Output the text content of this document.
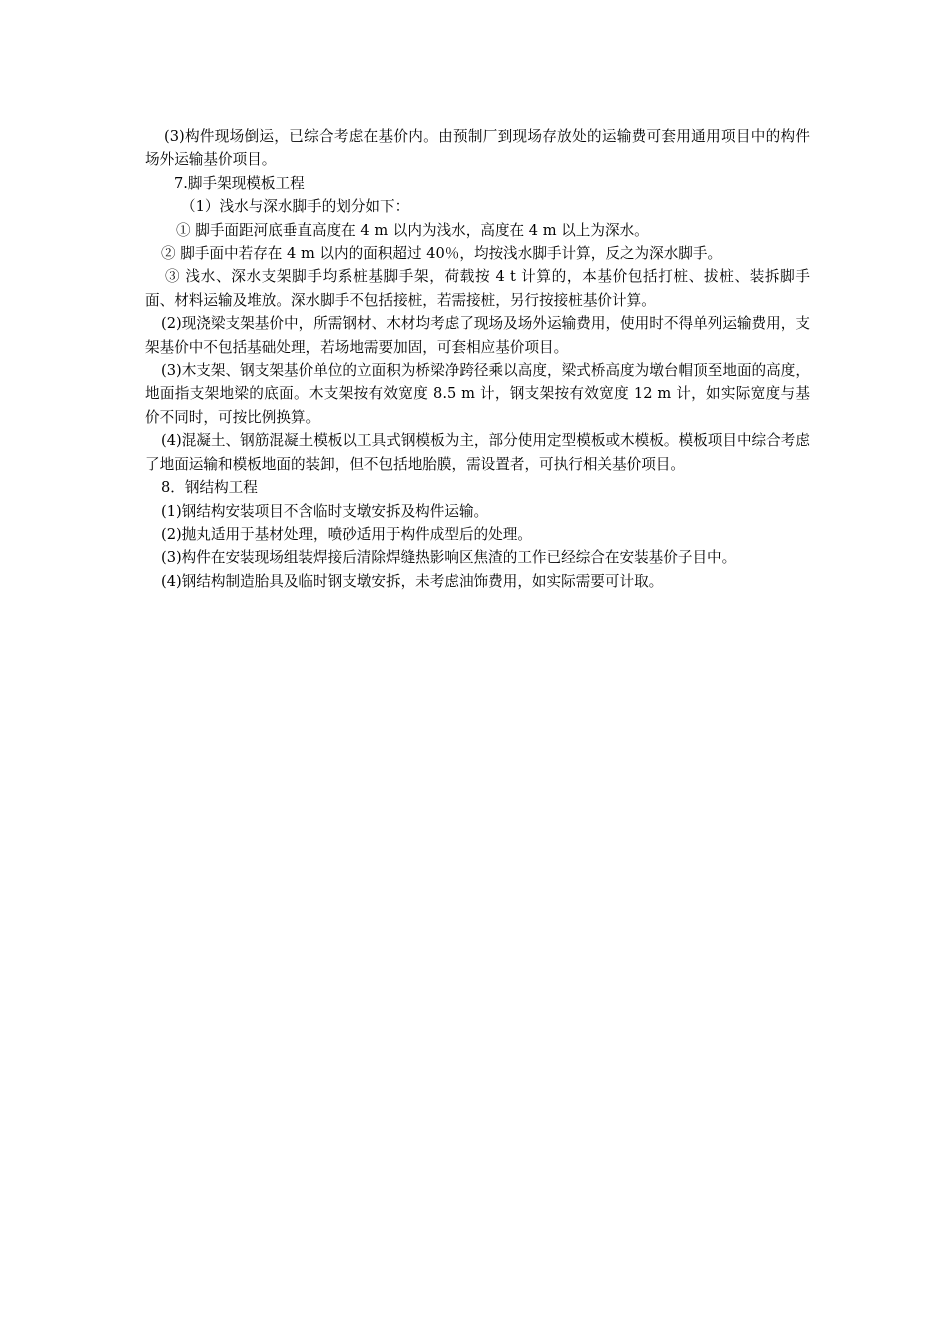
(3)构件现场倒运，已综合考虑在基价内。由预制厂到现场存放处的运输费可套用通用项目中的构件场外运输基价项目。

7.脚手架现模板工程

（1）浅水与深水脚手的划分如下：

① 脚手面距河底垂直高度在 4 m 以内为浅水，高度在 4 m 以上为深水。

② 脚手面中若存在 4 m 以内的面积超过 40％，均按浅水脚手计算，反之为深水脚手。

③ 浅水、深水支架脚手均系桩基脚手架，荷载按 4 t 计算的，本基价包括打桩、拔桩、装拆脚手面、材料运输及堆放。深水脚手不包括接桩，若需接桩，另行按接桩基价计算。

(2)现浇梁支架基价中，所需钢材、木材均考虑了现场及场外运输费用，使用时不得单列运输费用，支架基价中不包括基础处理，若场地需要加固，可套相应基价项目。

(3)木支架、钢支架基价单位的立面积为桥梁净跨径乘以高度，梁式桥高度为墩台帽顶至地面的高度，地面指支架地梁的底面。木支架按有效宽度 8.5 m 计，钢支架按有效宽度 12 m 计，如实际宽度与基价不同时，可按比例换算。

(4)混凝土、钢筋混凝土模板以工具式钢模板为主，部分使用定型模板或木模板。模板项目中综合考虑了地面运输和模板地面的装卸，但不包括地胎膜，需设置者，可执行相关基价项目。

8．钢结构工程

(1)钢结构安装项目不含临时支墩安拆及构件运输。

(2)抛丸适用于基材处理，喷砂适用于构件成型后的处理。

(3)构件在安装现场组装焊接后清除焊缝热影响区焦渣的工作已经综合在安装基价子目中。

(4)钢结构制造胎具及临时钢支墩安拆，未考虑油饰费用，如实际需要可计取。
